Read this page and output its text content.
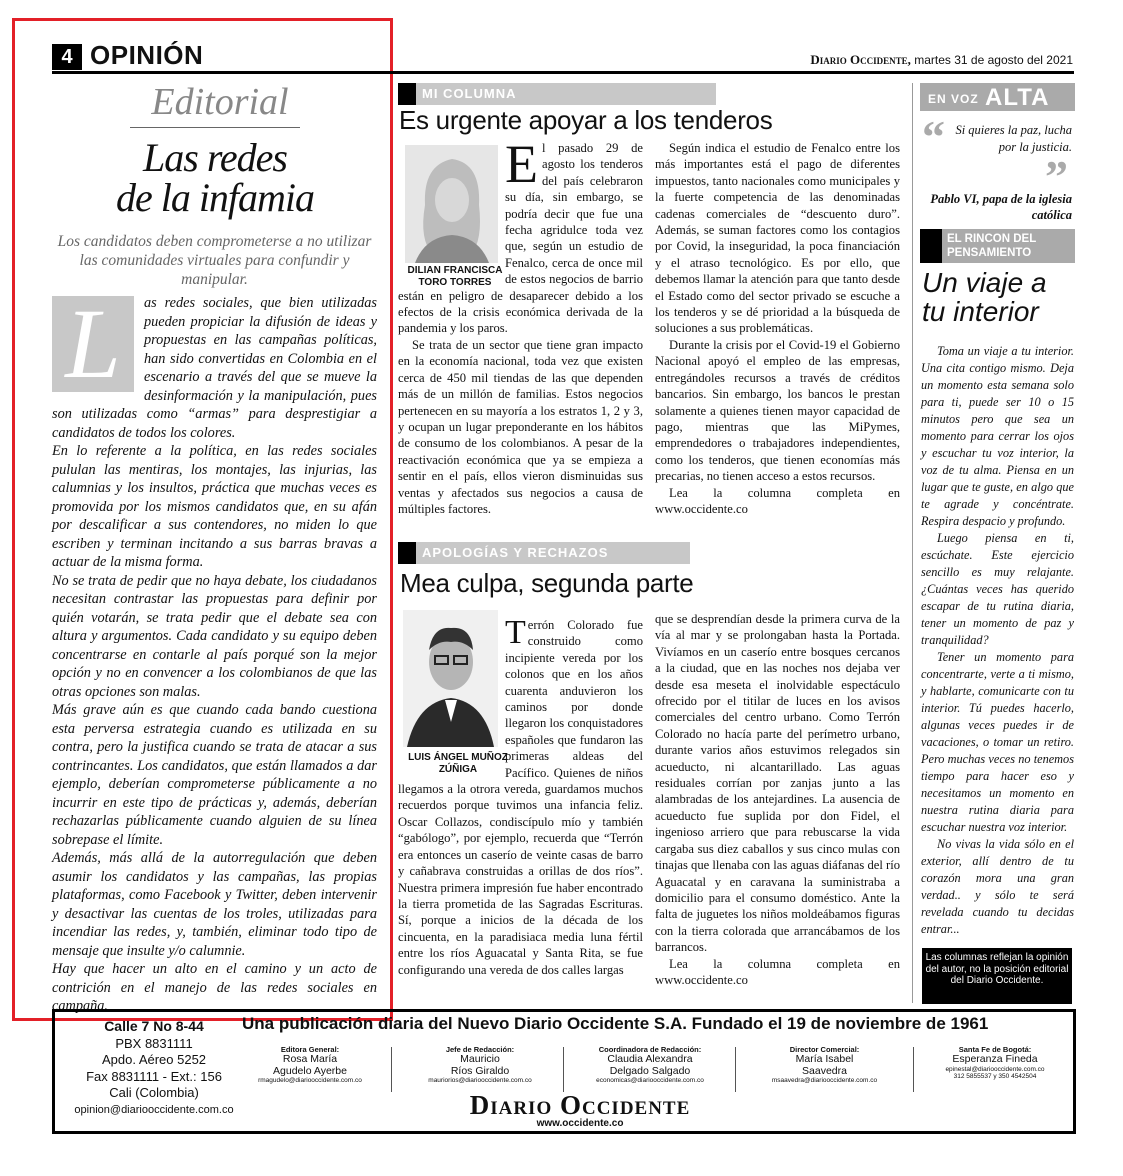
4 OPINIÓN	Diario Occidente, martes 31 de agosto del 2021
Editorial
Las redes
de la infamia
Los candidatos deben comprometerse a no utilizar las comunidades virtuales para confundir y manipular.

L	as redes sociales, que bien utilizadas pueden propiciar la difusión de ideas y propuestas en las campañas políticas, han sido convertidas en Colombia en el escenario a través del que se mueve la desinformación y la manipulación, pues son utilizadas como “armas” para desprestigiar a candidatos de todos los colores.

En lo referente a la política, en las redes sociales pululan las mentiras, los montajes, las injurias, las calumnias y los insultos, práctica que muchas veces es promovida por los mismos candidatos que, en su afán por descalificar a sus contendores, no miden lo que escriben y terminan incitando a sus barras bravas a actuar de la misma forma.

No se trata de pedir que no haya debate, los ciudadanos necesitan contrastar las propuestas para definir por quién votarán, se trata pedir que el debate sea con altura y argumentos. Cada candidato y su equipo deben concentrarse en contarle al país porqué son la mejor opción y no en convencer a los colombianos de que las otras opciones son malas.

Más grave aún es que cuando cada bando cuestiona esta perversa estrategia cuando es utilizada en su contra, pero la justifica cuando se trata de atacar a sus contrincantes. Los candidatos, que están llamados a dar ejemplo, deberían comprometerse públicamente a no incurrir en este tipo de prácticas y, además, deberían rechazarlas públicamente cuando alguien de su línea sobrepase el límite.

Además, más allá de la autorregulación que deben asumir los candidatos y las campañas, las propias plataformas, como Facebook y Twitter, deben intervenir y desactivar las cuentas de los troles, utilizadas para incendiar las redes, y, también, eliminar todo tipo de mensaje que insulte y/o calumnie.

Hay que hacer un alto en el camino y un acto de contrición en el manejo de las redes sociales en campaña.

MI COLUMNA
Es urgente apoyar a los tenderos
DILIAN FRANCISCA
TORO TORRES

El pasado 29 de agosto los tenderos del país celebraron su día, sin embargo, se podría decir que fue una fecha agridulce toda vez que, según un estudio de Fenalco, cerca de once mil de estos negocios de barrio están en peligro de desaparecer debido a los efectos de la crisis económica derivada de la pandemia y los paros.

Se trata de un sector que tiene gran impacto en la economía nacional, toda vez que existen cerca de 450 mil tiendas de las que dependen más de un millón de familias. Estos negocios pertenecen en su mayoría a los estratos 1, 2 y 3, y ocupan un lugar preponderante en los hábitos de consumo de los colombianos. A pesar de la reactivación económica que ya se empieza a sentir en el país, ellos vieron disminuidas sus ventas y afectados sus negocios a causa de múltiples factores.

Según indica el estudio de Fenalco entre los más importantes está el pago de diferentes impuestos, tanto nacionales como municipales y la fuerte competencia de las denominadas cadenas comerciales de “descuento duro”. Además, se suman factores como los contagios por Covid, la inseguridad, la poca financiación y el atraso tecnológico. Es por ello, que debemos llamar la atención para que tanto desde el Estado como del sector privado se escuche a los tenderos y se dé prioridad a la búsqueda de soluciones a sus problemáticas.

Durante la crisis por el Covid-19 el Gobierno Nacional apoyó el empleo de las empresas, entregándoles recursos a través de créditos bancarios. Sin embargo, los bancos le prestan solamente a quienes tienen mayor capacidad de pago, mientras que las MiPymes, emprendedores o trabajadores independientes, como los tenderos, que tienen economías más precarias, no tienen acceso a estos recursos.

Lea la columna completa en www.occidente.co

APOLOGÍAS Y RECHAZOS
Mea culpa, segunda parte
LUIS ÁNGEL MUÑOZ
ZÚÑIGA

Terrón Colorado fue construido como incipiente vereda por los colonos que en los años cuarenta anduvieron los caminos por donde llegaron los conquistadores españoles que fundaron las primeras aldeas del Pacífico. Quienes de niños llegamos a la otrora vereda, guardamos muchos recuerdos porque tuvimos una infancia feliz. Oscar Collazos, condiscípulo mío y también “gabólogo”, por ejemplo, recuerda que “Terrón era entonces un caserío de veinte casas de barro y cañabrava construidas a orillas de dos ríos”. Nuestra primera impresión fue haber encontrado la tierra prometida de las Sagradas Escrituras. Sí, porque a inicios de la década de los cincuenta, en la paradisiaca media luna fértil entre los ríos Aguacatal y Santa Rita, se fue configurando una vereda de dos calles largas

que se desprendían desde la primera curva de la vía al mar y se prolongaban hasta la Portada. Vivíamos en un caserío entre bosques cercanos a la ciudad, que en las noches nos dejaba ver desde esa meseta el inolvidable espectáculo ofrecido por el titilar de luces en los avisos comerciales del centro urbano. Como Terrón Colorado no hacía parte del perímetro urbano, durante varios años estuvimos relegados sin acueducto, ni alcantarillado. Las aguas residuales corrían por zanjas junto a las alambradas de los antejardines. La ausencia de acueducto fue suplida por don Fidel, el ingenioso arriero que para rebuscarse la vida cargaba sus diez caballos y sus cinco mulas con tinajas que llenaba con las aguas diáfanas del río Aguacatal y en caravana la suministraba a domicilio para el consumo doméstico. Ante la falta de juguetes los niños moldeábamos figuras con la tierra colorada que arrancábamos de los barrancos.

Lea la columna completa en www.occidente.co

EN VOZ ALTA
“ Si quieres la paz, lucha por la justicia.
”
Pablo VI, papa de la iglesia católica
EL RINCON DEL
PENSAMIENTO
Un viaje a tu interior

Toma un viaje a tu interior. Una cita contigo mismo. Deja un momento esta semana solo para ti, puede ser 10 o 15 minutos pero que sea un momento para cerrar los ojos y escuchar tu voz interior, la voz de tu alma. Piensa en un lugar que te guste, en algo que te agrade y concéntrate. Respira despacio y profundo.

Luego piensa en ti, escúchate. Este ejercicio sencillo es muy relajante. ¿Cuántas veces has querido escapar de tu rutina diaria, tener un momento de paz y tranquilidad?

Tener un momento para concentrarte, verte a ti mismo, y hablarte, comunicarte con tu interior. Tú puedes hacerlo, algunas veces puedes ir de vacaciones, o tomar un retiro. Pero muchas veces no tenemos tiempo para hacer eso y necesitamos un momento en nuestra rutina diaria para escuchar nuestra voz interior.

No vivas la vida sólo en el exterior, allí dentro de tu corazón mora una gran verdad.. y sólo te será revelada cuando tu decidas entrar...

Las columnas reflejan la opinión del autor, no la posición editorial del Diario Occidente.
Una publicación diaria del Nuevo Diario Occidente S.A. Fundado el 19 de noviembre de 1961
Calle 7 No 8-44
PBX 8831111
Apdo. Aéreo 5252
Fax 8831111 - Ext.: 156
Cali (Colombia)
opinion@diariooccidente.com.co
Editora General:
Rosa María
Agudelo Ayerbe
rmagudelo@diariooccidente.com.co
Jefe de Redacción:
Mauricio
Ríos Giraldo
mauriorios@diariooccidente.com.co
Coordinadora de Redacción:
Claudia Alexandra
Delgado Salgado
economicas@diariooccidente.com.co
Director Comercial:
María Isabel
Saavedra
msaavedra@diariooccidente.com.co
Santa Fe de Bogotá:
Esperanza Fineda
epinestal@diariooccidente.com.co
312 5855537 y 350 4542504
Diario Occidente
www.occidente.co
